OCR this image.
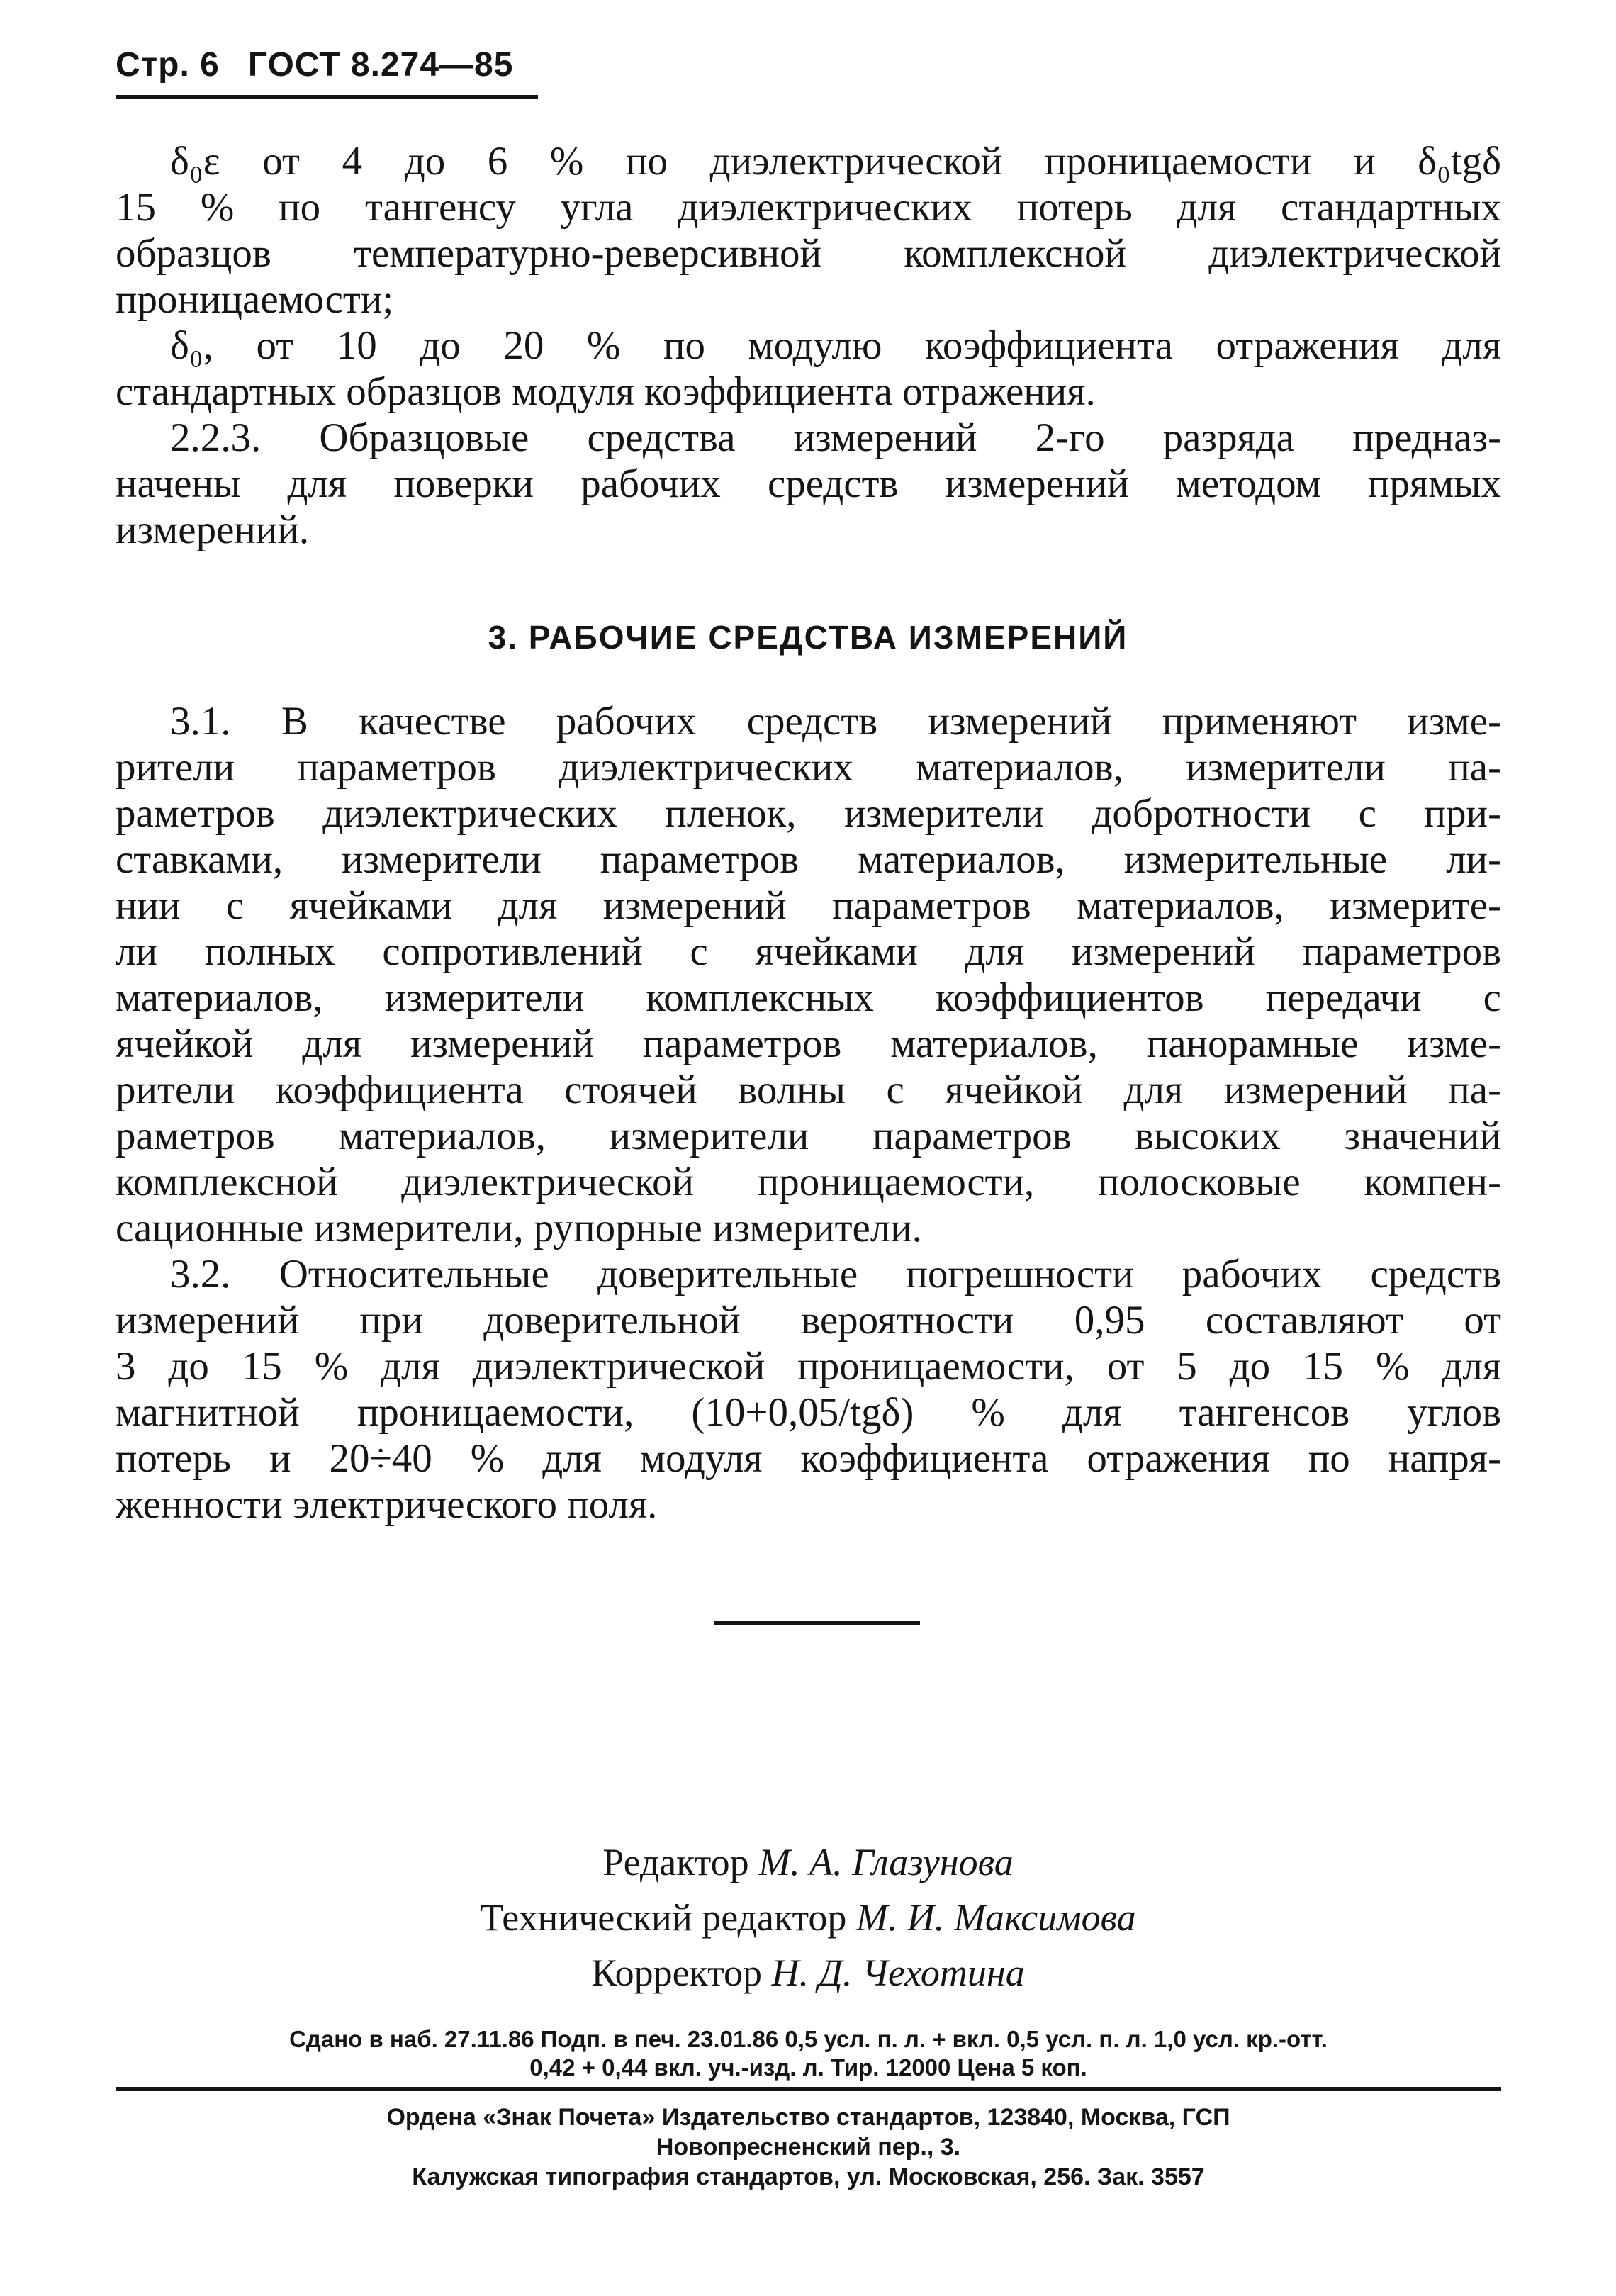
Стр. 6 ГОСТ 8.274—85
δ₀ε от 4 до 6 % по диэлектрической проницаемости и δ₀tgδ
15 % по тангенсу угла диэлектрических потерь для стандартных
образцов температурно-реверсивной комплексной диэлектрической
проницаемости;
δ₀, от 10 до 20 % по модулю коэффициента отражения для
стандартных образцов модуля коэффициента отражения.
2.2.3. Образцовые средства измерений 2-го разряда предназ-
начены для поверки рабочих средств измерений методом прямых
измерений.
3. РАБОЧИЕ СРЕДСТВА ИЗМЕРЕНИЙ
3.1. В качестве рабочих средств измерений применяют изме-
рители параметров диэлектрических материалов, измерители па-
раметров диэлектрических пленок, измерители добротности с при-
ставками, измерители параметров материалов, измерительные ли-
нии с ячейками для измерений параметров материалов, измерите-
ли полных сопротивлений с ячейками для измерений параметров
материалов, измерители комплексных коэффициентов передачи с
ячейкой для измерений параметров материалов, панорамные изме-
рители коэффициента стоячей волны с ячейкой для измерений па-
раметров материалов, измерители параметров высоких значений
комплексной диэлектрической проницаемости, полосковые компен-
сационные измерители, рупорные измерители.
3.2. Относительные доверительные погрешности рабочих средств
измерений при доверительной вероятности 0,95 составляют от
3 до 15 % для диэлектрической проницаемости, от 5 до 15 % для
магнитной проницаемости, (10+0,05/tgδ) % для тангенсов углов
потерь и 20÷40 % для модуля коэффициента отражения по напря-
женности электрического поля.
Редактор М. А. Глазунова
Технический редактор М. И. Максимова
Корректор Н. Д. Чехотина
Сдано в наб. 27.11.86 Подп. в печ. 23.01.86 0,5 усл. п. л. + вкл. 0,5 усл. п. л. 1,0 усл. кр.-отт.
0,42 + 0,44 вкл. уч.-изд. л. Тир. 12000 Цена 5 коп.
Ордена «Знак Почета» Издательство стандартов, 123840, Москва, ГСП
Новопресненский пер., 3.
Калужская типография стандартов, ул. Московская, 256. Зак. 3557
